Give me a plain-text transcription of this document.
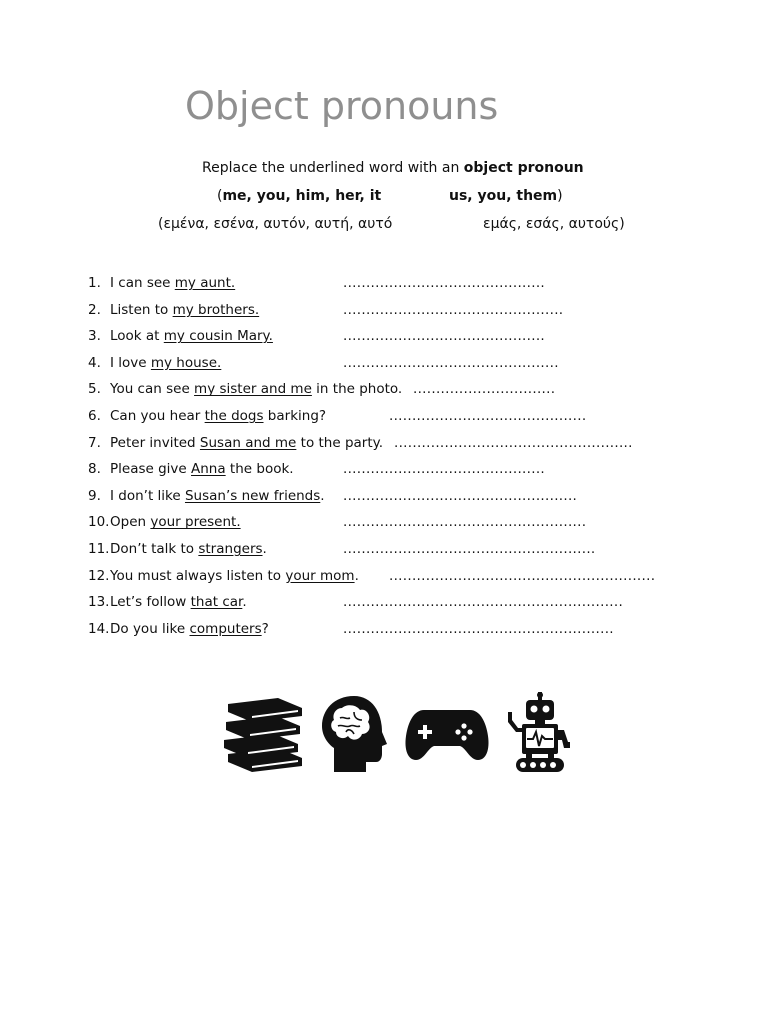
Object pronouns
Replace the underlined word with an object pronoun
(me, you, him, her, it	us, you, them)
(εμένα, εσένα, αυτόν, αυτή, αυτό	εμάς, εσάς, αυτούς)
1. I can see my aunt.	............................................
2. Listen to my brothers.	................................................
3. Look at my cousin Mary.	............................................
4. I love my house.	...............................................
5. You can see my sister and me in the photo. ...............................
6. Can you hear the dogs barking?	...........................................
7. Peter invited Susan and me to the party. ....................................................
8. Please give Anna the book.	............................................
9. I don’t like Susan’s new friends. ...................................................
10. Open your present.	.....................................................
11. Don’t talk to strangers.	.......................................................
12. You must always listen to your mom. ..........................................................
13. Let’s follow that car.	.............................................................
14. Do you like computers?	...........................................................
